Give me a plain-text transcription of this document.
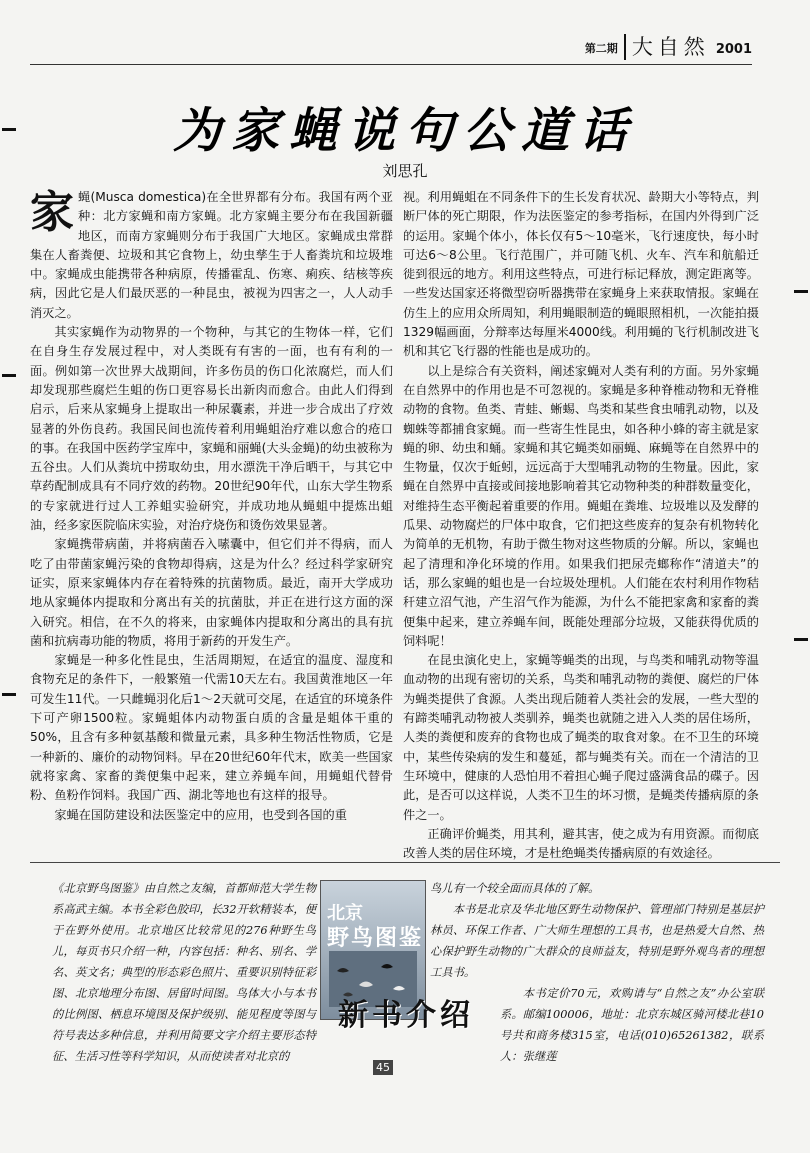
第二期 大自然 2001
为家蝇说句公道话
刘思孔

家蝇(Musca domestica)在全世界都有分布。我国有两个亚种：北方家蝇和南方家蝇。北方家蝇主要分布在我国新疆地区，而南方家蝇则分布于我国广大地区。家蝇成虫常群集在人畜粪便、垃圾和其它食物上，幼虫孳生于人畜粪坑和垃圾堆中。家蝇成虫能携带各种病原，传播霍乱、伤寒、痢疾、结核等疾病，因此它是人们最厌恶的一种昆虫，被视为四害之一，人人动手消灭之。

其实家蝇作为动物界的一个物种，与其它的生物体一样，它们在自身生存发展过程中，对人类既有有害的一面，也有有利的一面。例如第一次世界大战期间，许多伤员的伤口化浓腐烂，而人们却发现那些腐烂生蛆的伤口更容易长出新肉而愈合。由此人们得到启示，后来从家蝇身上提取出一种尿囊素，并进一步合成出了疗效显著的外伤良药。我国民间也流传着利用蝇蛆治疗难以愈合的疮口的事。在我国中医药学宝库中，家蝇和丽蝇(大头金蝇)的幼虫被称为五谷虫。人们从粪坑中捞取幼虫，用水漂洗干净后晒干，与其它中草药配制成具有不同疗效的药物。20世纪90年代，山东大学生物系的专家就进行过人工养蛆实验研究，并成功地从蝇蛆中提炼出蛆油，经多家医院临床实验，对治疗烧伤和烫伤效果显著。

家蝇携带病菌，并将病菌吞入嗉囊中，但它们并不得病，而人吃了由带菌家蝇污染的食物却得病，这是为什么？经过科学家研究证实，原来家蝇体内存在着特殊的抗菌物质。最近，南开大学成功地从家蝇体内提取和分离出有关的抗菌肽，并正在进行这方面的深入研究。相信，在不久的将来，由家蝇体内提取和分离出的具有抗菌和抗病毒功能的物质，将用于新药的开发生产。

家蝇是一种多化性昆虫，生活周期短，在适宜的温度、湿度和食物充足的条件下，一般繁殖一代需10天左右。我国黄淮地区一年可发生11代。一只雌蝇羽化后1～2天就可交尾，在适宜的环境条件下可产卵1500粒。家蝇蛆体内动物蛋白质的含量是蛆体干重的50%，且含有多种氨基酸和微量元素，具多种生物活性物质，它是一种新的、廉价的动物饲料。早在20世纪60年代末，欧美一些国家就将家禽、家畜的粪便集中起来，建立养蝇车间，用蝇蛆代替骨粉、鱼粉作饲料。我国广西、湖北等地也有这样的报导。

家蝇在国防建设和法医鉴定中的应用，也受到各国的重

视。利用蝇蛆在不同条件下的生长发育状况、龄期大小等特点，判断尸体的死亡期限，作为法医鉴定的参考指标，在国内外得到广泛的运用。家蝇个体小，体长仅有5～10毫米，飞行速度快，每小时可达6～8公里。飞行范围广，并可随飞机、火车、汽车和航船迁徙到很远的地方。利用这些特点，可进行标记释放，测定距离等。一些发达国家还将微型窃听器携带在家蝇身上来获取情报。家蝇在仿生上的应用众所周知，利用蝇眼制造的蝇眼照相机，一次能拍摄1329幅画面，分辩率达每厘米4000线。利用蝇的飞行机制改进飞机和其它飞行器的性能也是成功的。

以上是综合有关资料，阐述家蝇对人类有利的方面。另外家蝇在自然界中的作用也是不可忽视的。家蝇是多种脊椎动物和无脊椎动物的食物。鱼类、青蛙、蜥蜴、鸟类和某些食虫哺乳动物，以及蜘蛛等都捕食家蝇。而一些寄生性昆虫，如各种小蜂的寄主就是家蝇的卵、幼虫和蛹。家蝇和其它蝇类如丽蝇、麻蝇等在自然界中的生物量，仅次于蚯蚓，远远高于大型哺乳动物的生物量。因此，家蝇在自然界中直接或间接地影响着其它动物种类的种群数量变化，对维持生态平衡起着重要的作用。蝇蛆在粪堆、垃圾堆以及发酵的瓜果、动物腐烂的尸体中取食，它们把这些废弃的复杂有机物转化为简单的无机物，有助于微生物对这些物质的分解。所以，家蝇也起了清理和净化环境的作用。如果我们把尿壳螂称作“清道夫”的话，那么家蝇的蛆也是一台垃圾处理机。人们能在农村利用作物秸秆建立沼气池，产生沼气作为能源，为什么不能把家禽和家畜的粪便集中起来，建立养蝇车间，既能处理部分垃圾，又能获得优质的饲料呢！

在昆虫演化史上，家蝇等蝇类的出现，与鸟类和哺乳动物等温血动物的出现有密切的关系，鸟类和哺乳动物的粪便、腐烂的尸体为蝇类提供了食源。人类出现后随着人类社会的发展，一些大型的有蹄类哺乳动物被人类驯养，蝇类也就随之进入人类的居住场所，人类的粪便和废弃的食物也成了蝇类的取食对象。在不卫生的环境中，某些传染病的发生和蔓延，都与蝇类有关。而在一个清洁的卫生环境中，健康的人恐怕用不着担心蝇子爬过盛满食品的碟子。因此，是否可以这样说，人类不卫生的坏习惯，是蝇类传播病原的条件之一。

正确评价蝇类，用其利，避其害，使之成为有用资源。而彻底改善人类的居住环境，才是杜绝蝇类传播病原的有效途径。

《北京野鸟图鉴》由自然之友编，首都师范大学生物系高武主编。本书全彩色胶印，长32开软精装本，便于在野外使用。北京地区比较常见的276种野生鸟儿，每页书只介绍一种，内容包括：种名、别名、学名、英文名；典型的形态彩色照片、重要识别特征彩图、北京地理分布图、居留时间图。鸟体大小与本书的比例图、栖息环境图及保护级别、能见程度等图与符号表达多种信息，并利用简要文字介绍主要形态特征、生活习性等科学知识，从而使读者对北京的
北京
野鸟图鉴
新书介绍

鸟儿有一个较全面而具体的了解。

本书是北京及华北地区野生动物保护、管理部门特别是基层护林员、环保工作者、广大师生理想的工具书，也是热爱大自然、热心保护野生动物的广大群众的良师益友，特别是野外观鸟者的理想工具书。

本书定价70元，欢购请与“自然之友”办公室联系。邮编100006，地址：北京东城区骑河楼北巷10号共和商务楼315室，电话(010)65261382，联系人：张继莲

45
